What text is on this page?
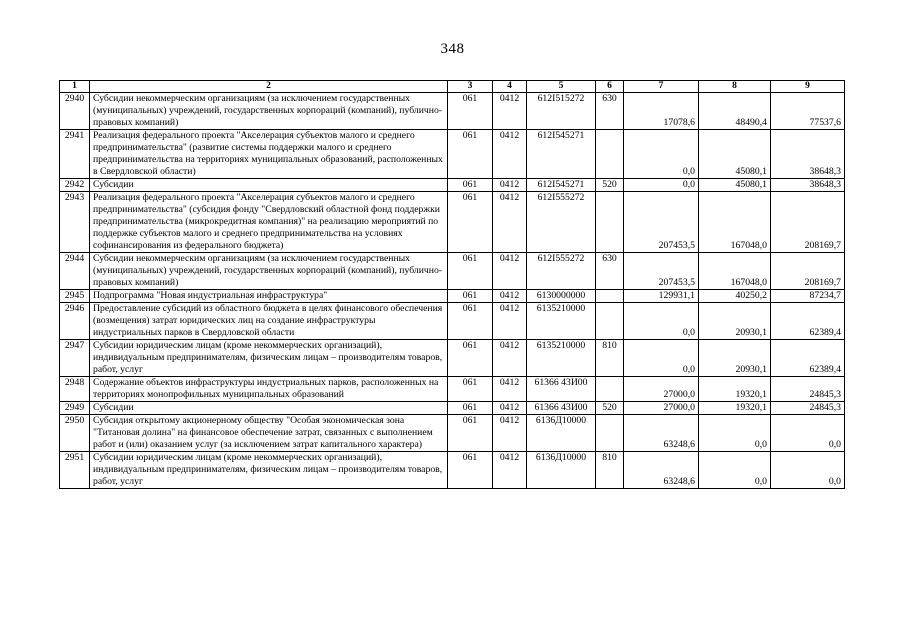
348
1	2	3	4	5	6	7	8	9
2940	Субсидии некоммерческим организациям (за исключением государственных (муниципальных) учреждений, государственных корпораций (компаний), публично-правовых компаний)	061	0412	612I515272	630	17078,6	48490,4	77537,6
2941	Реализация федерального проекта "Акселерация субъектов малого и среднего предпринимательства" (развитие системы поддержки малого и среднего предпринимательства на территориях муниципальных образований, расположенных в Свердловской области)	061	0412	612I545271		0,0	45080,1	38648,3
2942	Субсидии	061	0412	612I545271	520	0,0	45080,1	38648,3
2943	Реализация федерального проекта "Акселерация субъектов малого и среднего предпринимательства" (субсидия фонду "Свердловский областной фонд поддержки предпринимательства (микрокредитная компания)" на реализацию мероприятий по поддержке субъектов малого и среднего предпринимательства на условиях софинансирования из федерального бюджета)	061	0412	612I555272		207453,5	167048,0	208169,7
2944	Субсидии некоммерческим организациям (за исключением государственных (муниципальных) учреждений, государственных корпораций (компаний), публично-правовых компаний)	061	0412	612I555272	630	207453,5	167048,0	208169,7
2945	Подпрограмма "Новая индустриальная инфраструктура"	061	0412	6130000000		129931,1	40250,2	87234,7
2946	Предоставление субсидий из областного бюджета в целях финансового обеспечения (возмещения) затрат юридических лиц на создание инфраструктуры индустриальных парков в Свердловской области	061	0412	6135210000		0,0	20930,1	62389,4
2947	Субсидии юридическим лицам (кроме некоммерческих организаций), индивидуальным предпринимателям, физическим лицам – производителям товаров, работ, услуг	061	0412	6135210000	810	0,0	20930,1	62389,4
2948	Содержание объектов инфраструктуры индустриальных парков, расположенных на территориях монопрофильных муниципальных образований	061	0412	61366 43И00		27000,0	19320,1	24845,3
2949	Субсидии	061	0412	61366 43И00	520	27000,0	19320,1	24845,3
2950	Субсидия открытому акционерному обществу "Особая экономическая зона "Титановая долина" на финансовое обеспечение затрат, связанных с выполнением работ и (или) оказанием услуг (за исключением затрат капитального характера)	061	0412	6136Д10000		63248,6	0,0	0,0
2951	Субсидии юридическим лицам (кроме некоммерческих организаций), индивидуальным предпринимателям, физическим лицам – производителям товаров, работ, услуг	061	0412	6136Д10000	810	63248,6	0,0	0,0
